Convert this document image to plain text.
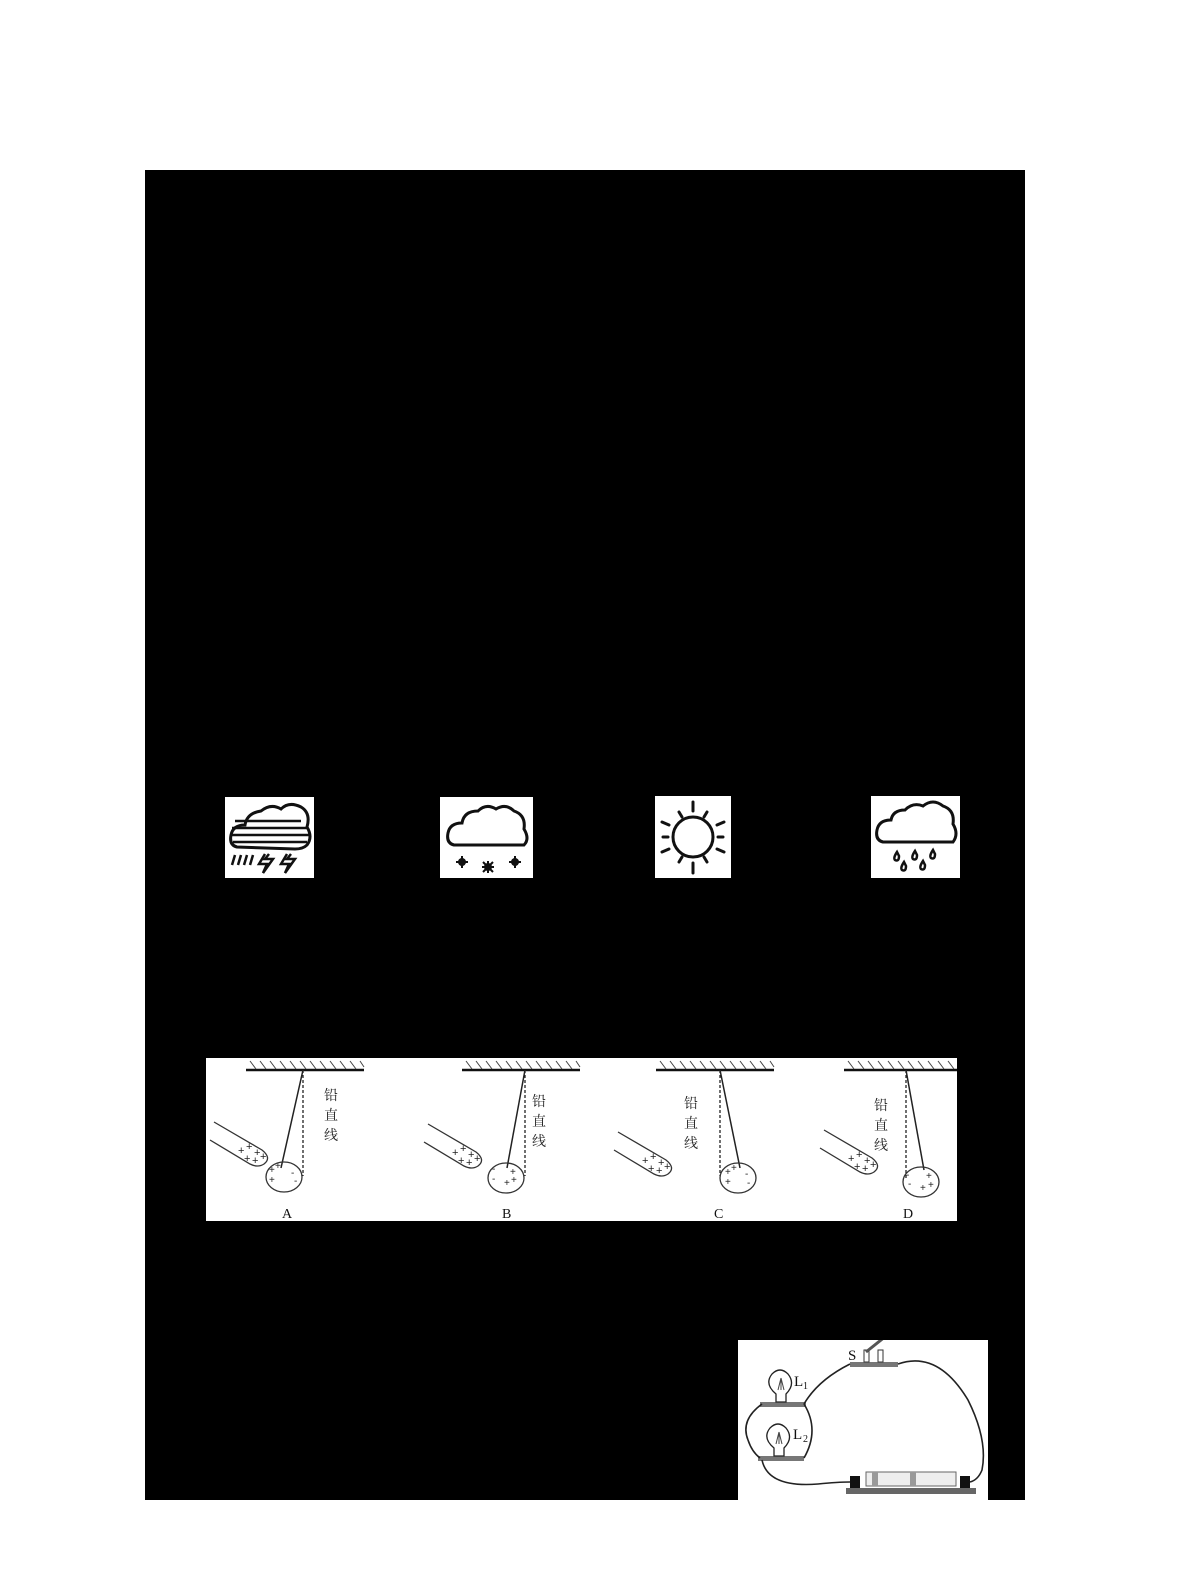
+ + +
+ + +
+ +
+
-
-
铅
直
线
A
-
-
+
+ +
铅
直
线
B
+ +
+
-
-
铅
直
线
C
-
-
+
+ +
铅
直
线
D
L 1
L 2
S
